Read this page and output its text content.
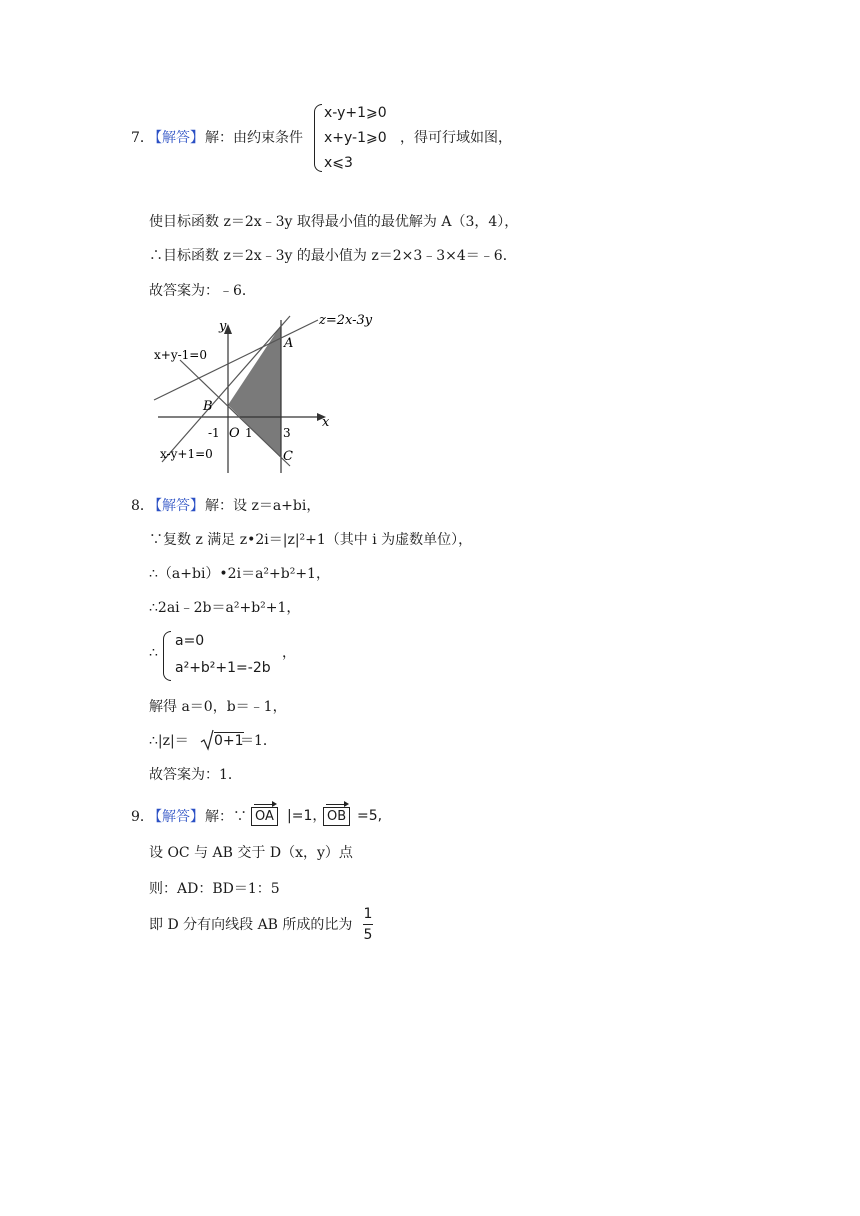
7．
【解答】 解：由约束条件
x-y+1⩾0
x+y-1⩾0
x⩽3
，得可行域如图，
使目标函数 z＝2x﹣3y 取得最小值的最优解为 A（3，4），
∴目标函数 z＝2x﹣3y 的最小值为 z＝2×3﹣3×4＝﹣6．
故答案为：﹣6．
z=2x-3y
x+y-1=0
x-y+1=0
x
y
A
B
C
O
-1 1	3
8．
【解答】 解：设 z＝a+bi，
∵复数 z 满足 z•2i＝|z|²+1（其中 i 为虚数单位），
∴（a+bi）•2i＝a²+b²+1，
∴2ai﹣2b＝a²+b²+1，
∴
a=0
a²+b²+1=-2b
，
解得 a＝0，b＝﹣1，
∴|z|＝ 0+1
＝1．
故答案为：1．
9．
【解答】 解：∵ OA |=1， OB =5,
设 OC 与 AB 交于 D（x，y）点
则：AD：BD＝1：5
即 D 分有向线段 AB 所成的比为
1
5
